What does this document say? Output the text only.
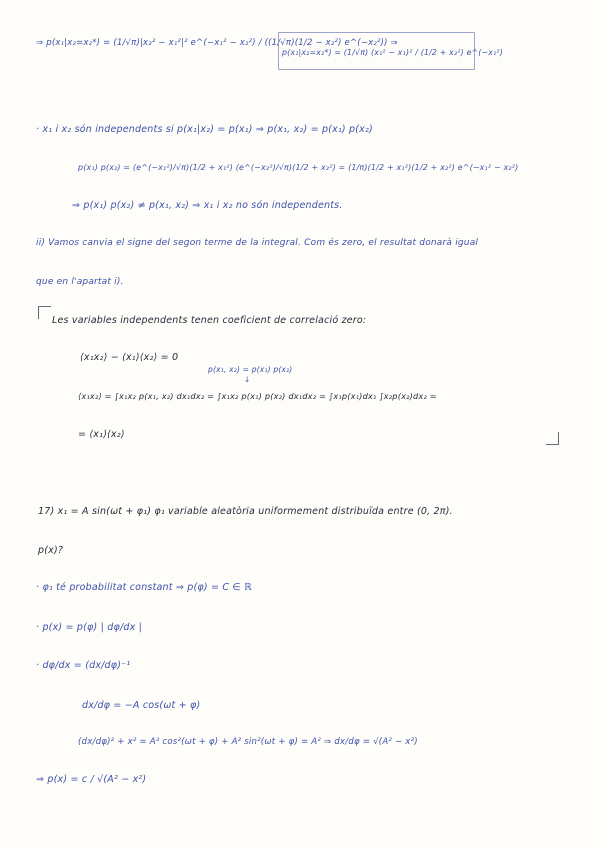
⇒ p(x₁|x₂=x₂*) = (1/√π)|x₂² − x₁²|² e^(−x₁² − x₂²) / ((1/√π)(1/2 − x₂²) e^(−x₂²)) ⇒
p(x₁|x₂=x₂*) = (1/√π) (x₁² − x₁)² / (1/2 + x₂²) e^(−x₁²)
· x₁ i x₂ són independents si p(x₁|x₂) = p(x₁) ⇒ p(x₁, x₂) = p(x₁) p(x₂)
p(x₁) p(x₂) = (e^(−x₁²)/√π)(1/2 + x₁²) (e^(−x₂²)/√π)(1/2 + x₂²) = (1/π)(1/2 + x₁²)(1/2 + x₂²) e^(−x₁² − x₂²)
⇒ p(x₁) p(x₂) ≠ p(x₁, x₂) ⇒ x₁ i x₂ no són independents.
ii) Vamos canvia el signe del segon terme de la integral. Com és zero, el resultat donarà igual
que en l'apartat i).
Les variables independents tenen coeficient de correlació zero:
⟨x₁x₂⟩ − ⟨x₁⟩⟨x₂⟩ = 0
p(x₁, x₂) = p(x₁) p(x₂)
↓
⟨x₁x₂⟩ = ∫x₁x₂ p(x₁, x₂) dx₁dx₂ = ∫x₁x₂ p(x₁) p(x₂) dx₁dx₂ = ∫x₁p(x₁)dx₁ ∫x₂p(x₂)dx₂ =
= ⟨x₁⟩⟨x₂⟩
17) x₁ = A sin(ωt + φ₁) φ₁ variable aleatòria uniformement distribuïda entre (0, 2π).
p(x)?
· φ₁ té probabilitat constant ⇒ p(φ) = C ∈ ℝ
· p(x) = p(φ) | dφ/dx |
· dφ/dx = (dx/dφ)⁻¹
dx/dφ = −A cos(ωt + φ)
(dx/dφ)² + x² = A² cos²(ωt + φ) + A² sin²(ωt + φ) = A² ⇒ dx/dφ = √(A² − x²)
⇒ p(x) = c / √(A² − x²)
